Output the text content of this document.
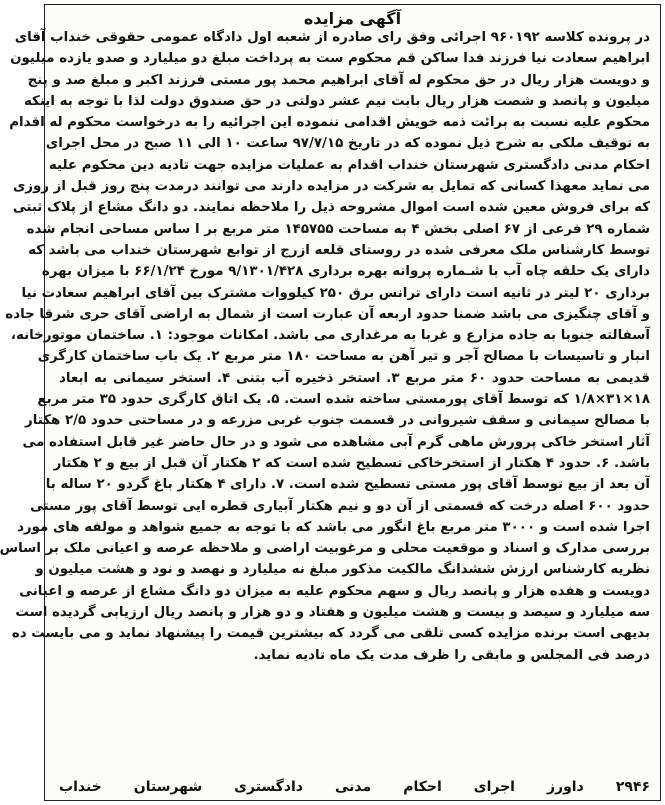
آگهی مزایده
در پرونده کلاسه ۹۶۰۱۹۲ اجرائی وفق رای صادره از شعبه اول دادگاه عمومی حقوقی خنداب آقای
ابراهیم سعادت نیا فرزند فدا ساکن قم محکوم ست به پرداخت مبلغ دو میلیارد و صدو یازده میلیون
و دویست هزار ریال در حق محکوم له آقای ابراهیم محمد پور مستی فرزند اکبر و مبلغ صد و پنج
میلیون و پانصد و شصت هزار ریال بابت نیم عشر دولتی در حق صندوق دولت لذا با توجه به اینکه
محکوم علیه نسبت به برائت ذمه خویش اقدامی ننموده این اجرائیه را به درخواست محکوم له اقدام
به توقیف ملکی به شرح ذیل نموده که در تاریخ ۹۷/۷/۱۵ ساعت ۱۰ الی ۱۱ صبح در محل اجرای
احکام مدنی دادگستری شهرستان خنداب اقدام به عملیات مزایده جهت تادیه دین محکوم علیه
می نماید معهذا کسانی که تمایل به شرکت در مزایده دارند می توانند درمدت پنج روز قبل از روزی
که برای فروش معین شده است اموال مشروحه ذیل را ملاحظه نمایند. دو دانگ مشاع از پلاک ثبتی
شماره ۲۹ فرعی از ۶۷ اصلی بخش ۴ به مساحت ۱۴۵۷۵۵ متر مربع بر ا ساس مساحی انجام شده
توسط کارشناس ملک معرفی شده در روستای قلعه ازرج از توابع شهرستان خنداب می باشد که
دارای یک حلقه چاه آب با شـماره پروانه بهره برداری ۹/۱۳۰۱/۴۲۸ مورخ ۶۶/۱/۲۴ با میزان بهره
برداری ۲۰ لیتر در ثانیه است دارای ترانس برق ۲۵۰ کیلووات مشترک بین آقای ابراهیم سعادت نیا
و آقای چنگیزی می باشد ضمنا حدود اربعه آن عبارت است از شمال به اراضی آقای حری شرقا جاده
آسفالته جنوبا به جاده مزارع و غربا به مرغداری می باشد. امکانات موجود: ۱. ساختمان موتورخانه،
انبار و تاسیسات با مصالح آجر و تیر آهن به مساحت ۱۸۰ متر مربع ۲. یک باب ساختمان کارگری
قدیمی به مساحت حدود ۶۰ متر مربع ۳. استخر ذخیره آب بتنی ۴. استخر سیمانی به ابعاد
۱۸×۳۱×۱/۸ که توسط آقای پورمستی ساخته شده است. ۵. یک اتاق کارگری حدود ۳۵ متر مربع
با مصالح سیمانی و سقف شیروانی در قسمت جنوب غربی مزرعه و در مساحتی حدود ۲/۵ هکتار
آثار استخر خاکی پرورش ماهی گرم آبی مشاهده می شود و در حال حاضر غیر قابل استفاده می
باشد. ۶. حدود ۴ هکتار از استخرخاکی تسطیح شده است که ۲ هکتار آن قبل از بیع و ۲ هکتار
آن بعد از بیع توسط آقای پور مستی تسطیح شده است. ۷. دارای ۴ هکتار باغ گردو ۲۰ ساله با
حدود ۶۰۰ اصله درخت که قسمتی از آن دو و نیم هکتار آبیاری قطره ایی توسط آقای پور مستی
اجرا شده است و ۳۰۰۰ متر مربع باغ انگور می باشد که با توجه به جمیع شواهد و مولفه های مورد
بررسی مدارک و اسناد و موقعیت محلی و مرغوبیت اراضی و ملاحظه عرصه و اعیانی ملک بر اساس
نظریه کارشناس ارزش ششدانگ مالکیت مذکور مبلغ نه میلیارد و نهصد و نود و هشت میلیون و
دویست و هفده هزار و پانصد ریال و سهم محکوم علیه به میزان دو دانگ مشاع از عرصه و اعیانی
سه میلیارد و سیصد و بیست و هشت میلیون و هفتاد و دو هزار و پانصد ریال ارزیابی گردیده است
بدیهی است برنده مزایده کسی تلقی می گردد که بیشترین قیمت را پیشنهاد نماید و می بایست ده
درصد فی المجلس و مابقی را ظرف مدت یک ماه تادیه نماید.
۲۹۴۶ داورز اجرای احکام مدنی دادگستری شهرستان خنداب
